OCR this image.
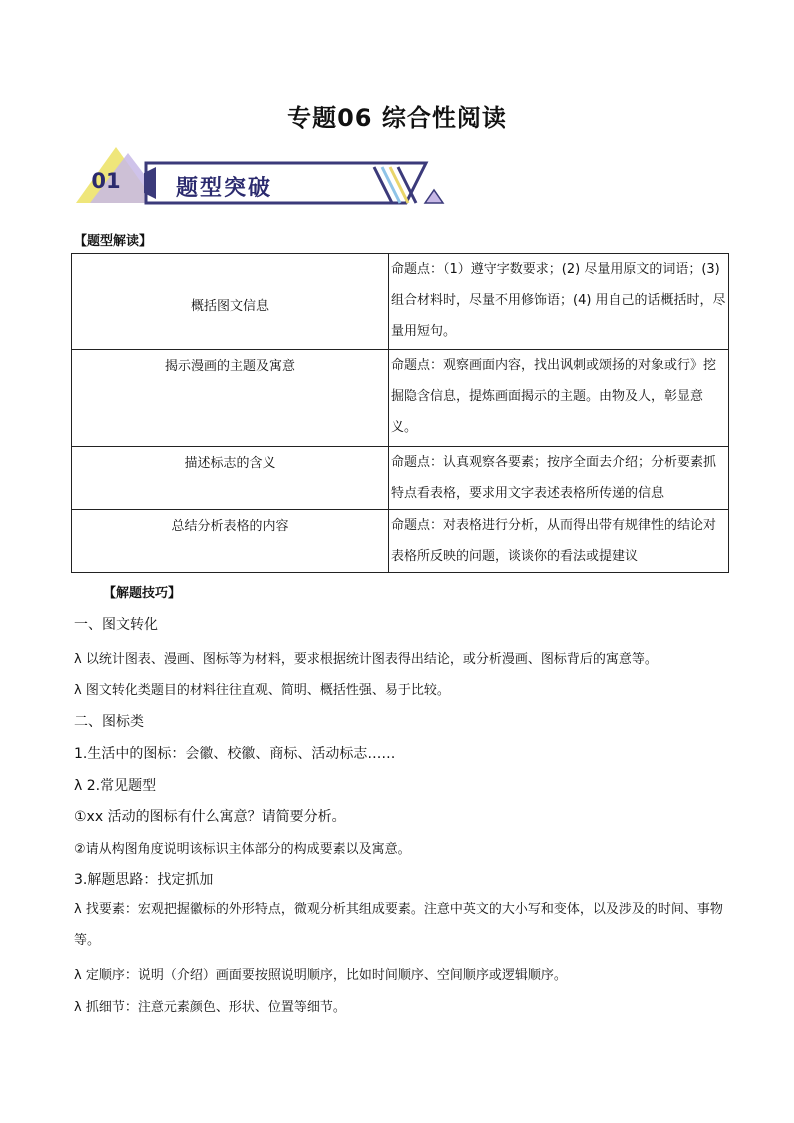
专题06 综合性阅读
01	题型突破
【题型解读】
概括图文信息	命题点：（1）遵守字数要求；(2) 尽量用原文的词语；(3) 组合材料时，尽量不用修饰语；(4) 用自己的话概括时，尽量用短句。
揭示漫画的主题及寓意	命题点：观察画面内容，找出讽刺或颂扬的对象或行》挖掘隐含信息，提炼画面揭示的主题。由物及人，彰显意义。
描述标志的含义	命题点：认真观察各要素；按序全面去介绍；分析要素抓特点看表格，要求用文字表述表格所传递的信息
总结分析表格的内容	命题点：对表格进行分析，从而得出带有规律性的结论对表格所反映的问题，谈谈你的看法或提建议
【解题技巧】
一、图文转化
λ 以统计图表、漫画、图标等为材料，要求根据统计图表得出结论，或分析漫画、图标背后的寓意等。
λ 图文转化类题目的材料往往直观、简明、概括性强、易于比较。
二、图标类
1.生活中的图标：会徽、校徽、商标、活动标志……
λ 2.常见题型
①xx 活动的图标有什么寓意？请简要分析。
②请从构图角度说明该标识主体部分的构成要素以及寓意。
3.解题思路：找定抓加
λ 找要素：宏观把握徽标的外形特点，微观分析其组成要素。注意中英文的大小写和变体，以及涉及的时间、事物等。
λ 定顺序：说明（介绍）画面要按照说明顺序，比如时间顺序、空间顺序或逻辑顺序。
λ 抓细节：注意元素颜色、形状、位置等细节。
